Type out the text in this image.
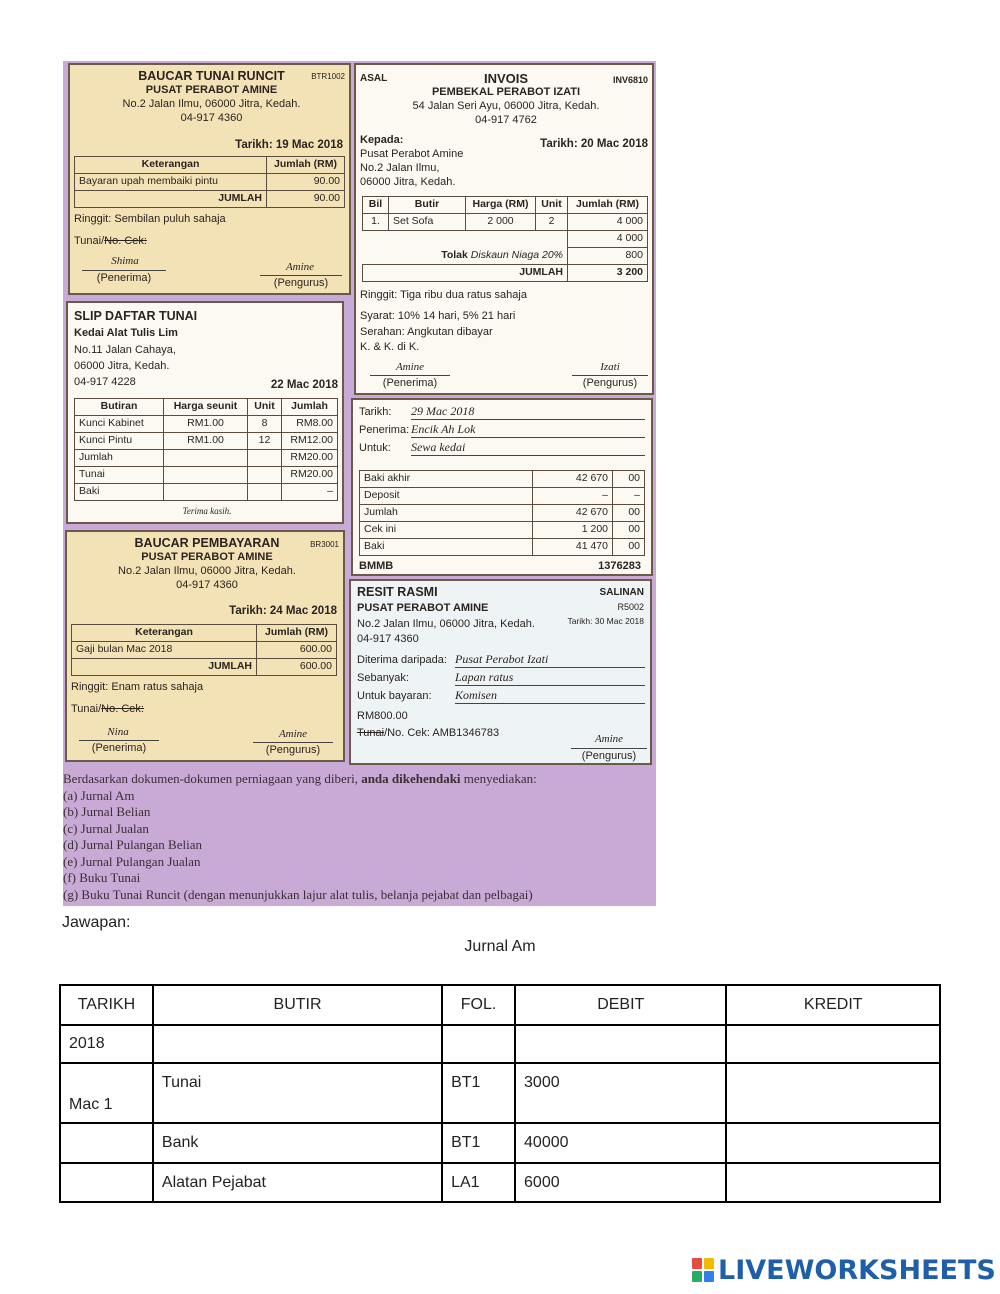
BAUCAR TUNAI RUNCIT	BTR1002
PUSAT PERABOT AMINE
No.2 Jalan Ilmu, 06000 Jitra, Kedah.
04-917 4360
Tarikh: 19 Mac 2018
Keterangan	Jumlah (RM)
Bayaran upah membaiki pintu	90.00
JUMLAH	90.00
Ringgit: Sembilan puluh sahaja
Tunai/No. Cek:
Shima
(Penerima)
Amine
(Pengurus)
ASAL	INVOIS	INV6810
PEMBEKAL PERABOT IZATI
54 Jalan Seri Ayu, 06000 Jitra, Kedah.
04-917 4762
Kepada:	Tarikh: 20 Mac 2018
Pusat Perabot Amine
No.2 Jalan Ilmu,
06000 Jitra, Kedah.
Bil	Butir	Harga (RM)	Unit	Jumlah (RM)
1.	Set Sofa	2 000	2	4 000
				4 000
Tolak Diskaun Niaga 20%				800
JUMLAH				3 200
Ringgit: Tiga ribu dua ratus sahaja
Syarat: 10% 14 hari, 5% 21 hari
Serahan: Angkutan dibayar
K. & K. di K.
Amine
(Penerima)
Izati
(Pengurus)
SLIP DAFTAR TUNAI
Kedai Alat Tulis Lim
No.11 Jalan Cahaya,
06000 Jitra, Kedah.
04-917 4228	22 Mac 2018
Butiran	Harga seunit	Unit	Jumlah
Kunci Kabinet	RM1.00	8	RM8.00
Kunci Pintu	RM1.00	12	RM12.00
Jumlah			RM20.00
Tunai			RM20.00
Baki			–
Terima kasih.
Tarikh: 29 Mac 2018
Penerima: Encik Ah Lok
Untuk: Sewa kedai
Baki akhir	42 670	00
Deposit	–	–
Jumlah	42 670	00
Cek ini	1 200	00
Baki	41 470	00
BMMB	1376283
BAUCAR PEMBAYARAN	BR3001
PUSAT PERABOT AMINE
No.2 Jalan Ilmu, 06000 Jitra, Kedah.
04-917 4360
Tarikh: 24 Mac 2018
Keterangan	Jumlah (RM)
Gaji bulan Mac 2018	600.00
JUMLAH	600.00
Ringgit: Enam ratus sahaja
Tunai/No. Cek:
Nina
(Penerima)
Amine
(Pengurus)
RESIT RASMI	SALINAN
PUSAT PERABOT AMINE	R5002
No.2 Jalan Ilmu, 06000 Jitra, Kedah.	Tarikh: 30 Mac 2018
04-917 4360
Diterima daripada: Pusat Perabot Izati
Sebanyak:	Lapan ratus
Untuk bayaran: Komisen
RM800.00
Tunai/No. Cek: AMB1346783	Amine
(Pengurus)
Berdasarkan dokumen-dokumen perniagaan yang diberi, anda dikehendaki menyediakan:
(a) Jurnal Am
(b) Jurnal Belian
(c) Jurnal Jualan
(d) Jurnal Pulangan Belian
(e) Jurnal Pulangan Jualan
(f) Buku Tunai
(g) Buku Tunai Runcit (dengan menunjukkan lajur alat tulis, belanja pejabat dan pelbagai)
Jawapan:
Jurnal Am
TARIKH	BUTIR	FOL.	DEBIT	KREDIT
2018				
Mac 1	Tunai	BT1	3000	
	Bank	BT1	40000	
	Alatan Pejabat	LA1	6000	
LIVEWORKSHEETS
